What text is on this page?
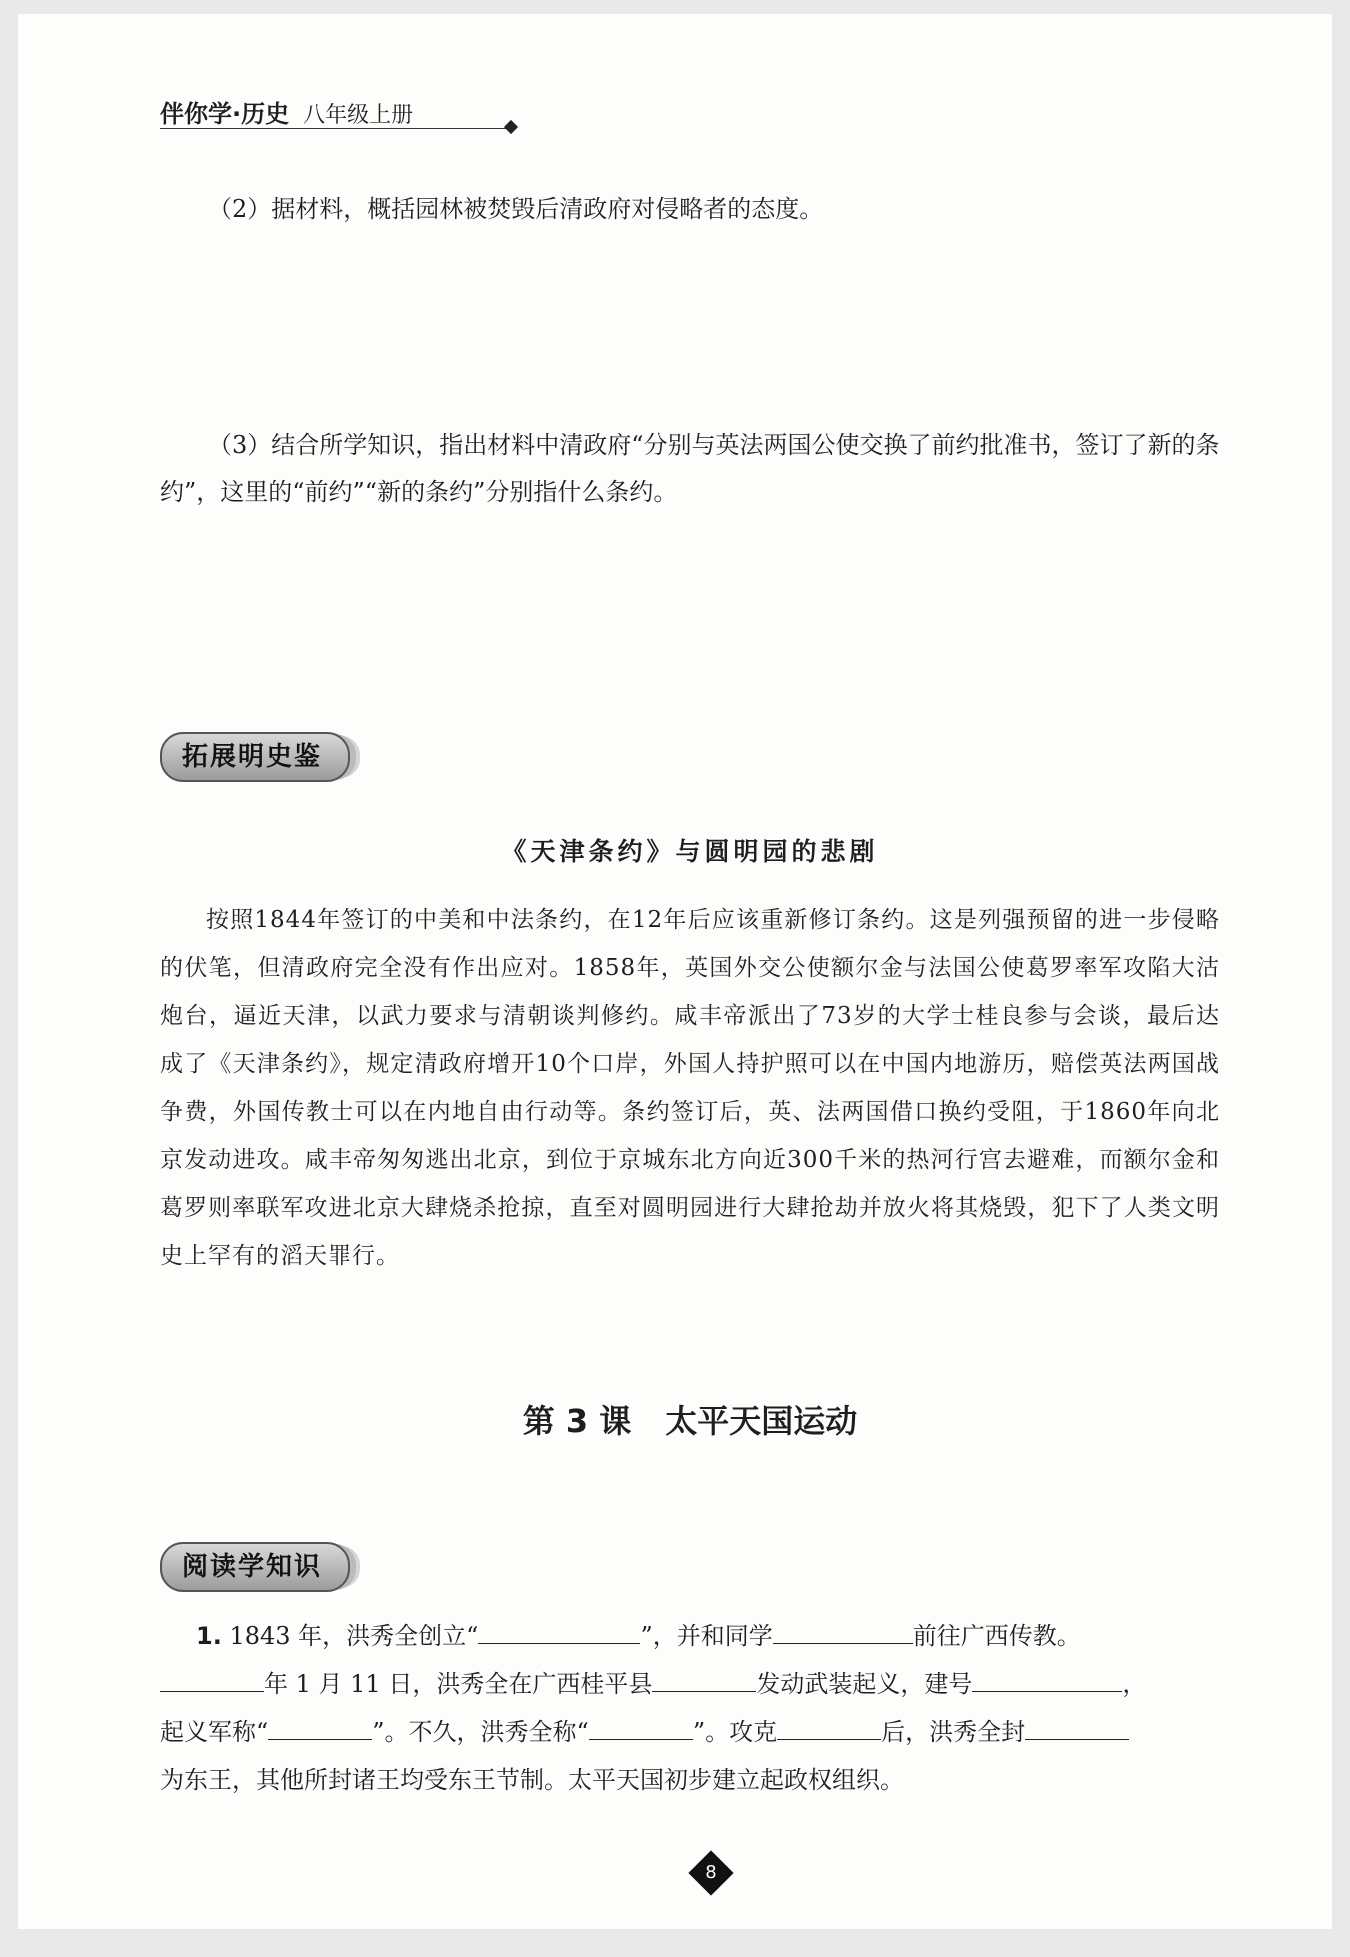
伴你学·历史 八年级上册
（2）据材料，概括园林被焚毁后清政府对侵略者的态度。
（3）结合所学知识，指出材料中清政府“分别与英法两国公使交换了前约批准书，签订了新的条约”，这里的“前约”“新的条约”分别指什么条约。
拓展明史鉴
《天津条约》与圆明园的悲剧
按照1844年签订的中美和中法条约，在12年后应该重新修订条约。这是列强预留的进一步侵略的伏笔，但清政府完全没有作出应对。1858年，英国外交公使额尔金与法国公使葛罗率军攻陷大沽炮台，逼近天津，以武力要求与清朝谈判修约。咸丰帝派出了73岁的大学士桂良参与会谈，最后达成了《天津条约》，规定清政府增开10个口岸，外国人持护照可以在中国内地游历，赔偿英法两国战争费，外国传教士可以在内地自由行动等。条约签订后，英、法两国借口换约受阻，于1860年向北京发动进攻。咸丰帝匆匆逃出北京，到位于京城东北方向近300千米的热河行宫去避难，而额尔金和葛罗则率联军攻进北京大肆烧杀抢掠，直至对圆明园进行大肆抢劫并放火将其烧毁，犯下了人类文明史上罕有的滔天罪行。
第 3 课 太平天国运动
阅读学知识
1. 1843 年，洪秀全创立“	”，并和同学	前往广西传教。
年 1 月 11 日，洪秀全在广西桂平县	发动武装起义，建号	，
起义军称“	”。不久，洪秀全称“	”。攻克	后，洪秀全封
为东王，其他所封诸王均受东王节制。太平天国初步建立起政权组织。
8
